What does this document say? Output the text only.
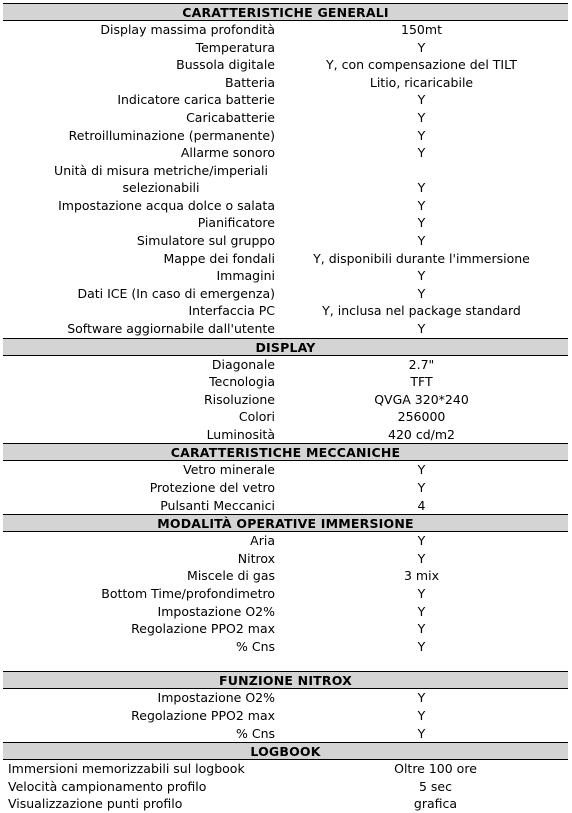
CARATTERISTICHE GENERALI
Display massima profondità	150mt
Temperatura	Y
Bussola digitale	Y, con compensazione del TILT
Batteria	Litio, ricaricabile
Indicatore carica batterie	Y
Caricabatterie	Y
Retroilluminazione (permanente)	Y
Allarme sonoro	Y
Unità di misura metriche/imperiali
selezionabili	Y
Impostazione acqua dolce o salata	Y
Pianificatore	Y
Simulatore sul gruppo	Y
Mappe dei fondali	Y, disponibili durante l'immersione
Immagini	Y
Dati ICE (In caso di emergenza)	Y
Interfaccia PC	Y, inclusa nel package standard
Software aggiornabile dall'utente	Y
DISPLAY
Diagonale	2.7"
Tecnologia	TFT
Risoluzione	QVGA 320*240
Colori	256000
Luminosità	420 cd/m2
CARATTERISTICHE MECCANICHE
Vetro minerale	Y
Protezione del vetro	Y
Pulsanti Meccanici	4
MODALITÀ OPERATIVE IMMERSIONE
Aria	Y
Nitrox	Y
Miscele di gas	3 mix
Bottom Time/profondimetro	Y
Impostazione O2%	Y
Regolazione PPO2 max	Y
% Cns	Y
FUNZIONE NITROX
Impostazione O2%	Y
Regolazione PPO2 max	Y
% Cns	Y
LOGBOOK
Immersioni memorizzabili sul logbook	Oltre 100 ore
Velocità campionamento profilo	5 sec
Visualizzazione punti profilo	grafica
